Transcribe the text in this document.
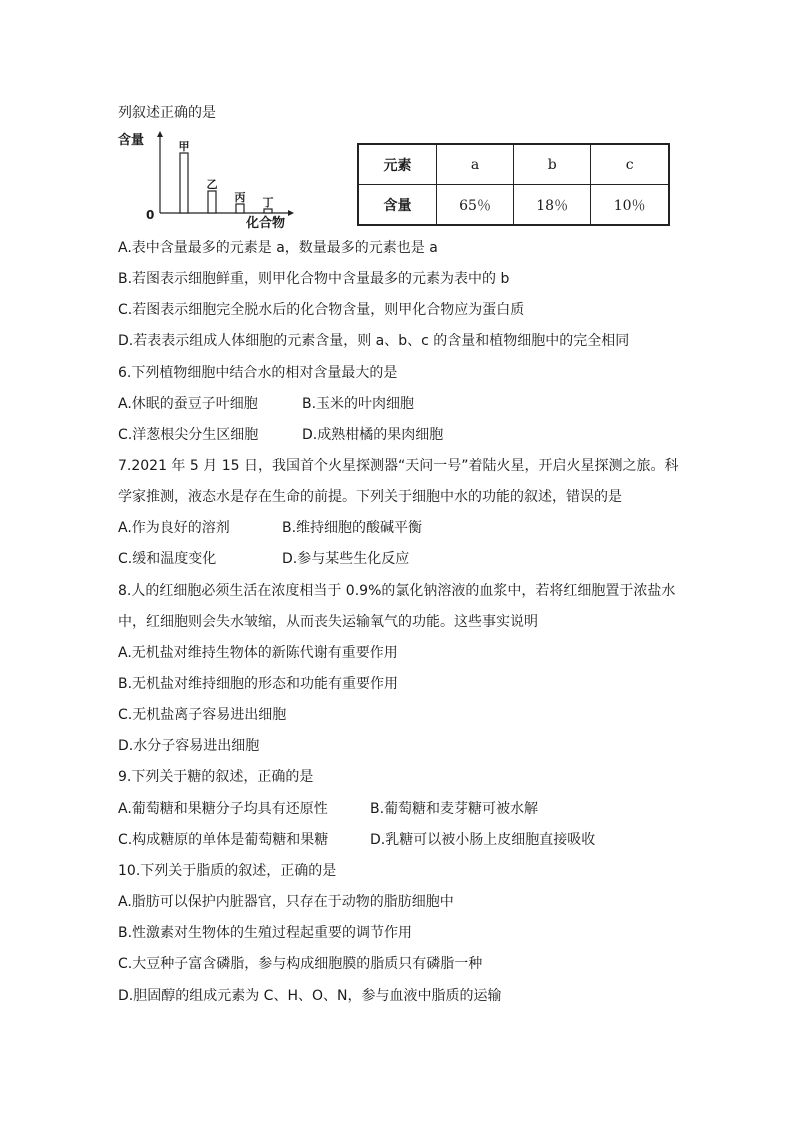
列叙述正确的是
含量
0
甲
乙
丙 丁
化合物
元素	a	b	c
含量	65％	18％	10％
A.表中含量最多的元素是 a，数量最多的元素也是 a
B.若图表示细胞鲜重，则甲化合物中含量最多的元素为表中的 b
C.若图表示细胞完全脱水后的化合物含量，则甲化合物应为蛋白质
D.若表表示组成人体细胞的元素含量，则 a、b、c 的含量和植物细胞中的完全相同
6.下列植物细胞中结合水的相对含量最大的是
A.休眠的蚕豆子叶细胞	B.玉米的叶肉细胞
C.洋葱根尖分生区细胞	D.成熟柑橘的果肉细胞
7.2021 年 5 月 15 日，我国首个火星探测器“天问一号”着陆火星，开启火星探测之旅。科
学家推测，液态水是存在生命的前提。下列关于细胞中水的功能的叙述，错误的是
A.作为良好的溶剂	B.维持细胞的酸碱平衡
C.缓和温度变化	D.参与某些生化反应
8.人的红细胞必须生活在浓度相当于 0.9%的氯化钠溶液的血浆中，若将红细胞置于浓盐水
中，红细胞则会失水皱缩，从而丧失运输氧气的功能。这些事实说明
A.无机盐对维持生物体的新陈代谢有重要作用
B.无机盐对维持细胞的形态和功能有重要作用
C.无机盐离子容易进出细胞
D.水分子容易进出细胞
9.下列关于糖的叙述，正确的是
A.葡萄糖和果糖分子均具有还原性	B.葡萄糖和麦芽糖可被水解
C.构成糖原的单体是葡萄糖和果糖	D.乳糖可以被小肠上皮细胞直接吸收
10.下列关于脂质的叙述，正确的是
A.脂肪可以保护内脏器官，只存在于动物的脂肪细胞中
B.性激素对生物体的生殖过程起重要的调节作用
C.大豆种子富含磷脂，参与构成细胞膜的脂质只有磷脂一种
D.胆固醇的组成元素为 C、H、O、N，参与血液中脂质的运输
